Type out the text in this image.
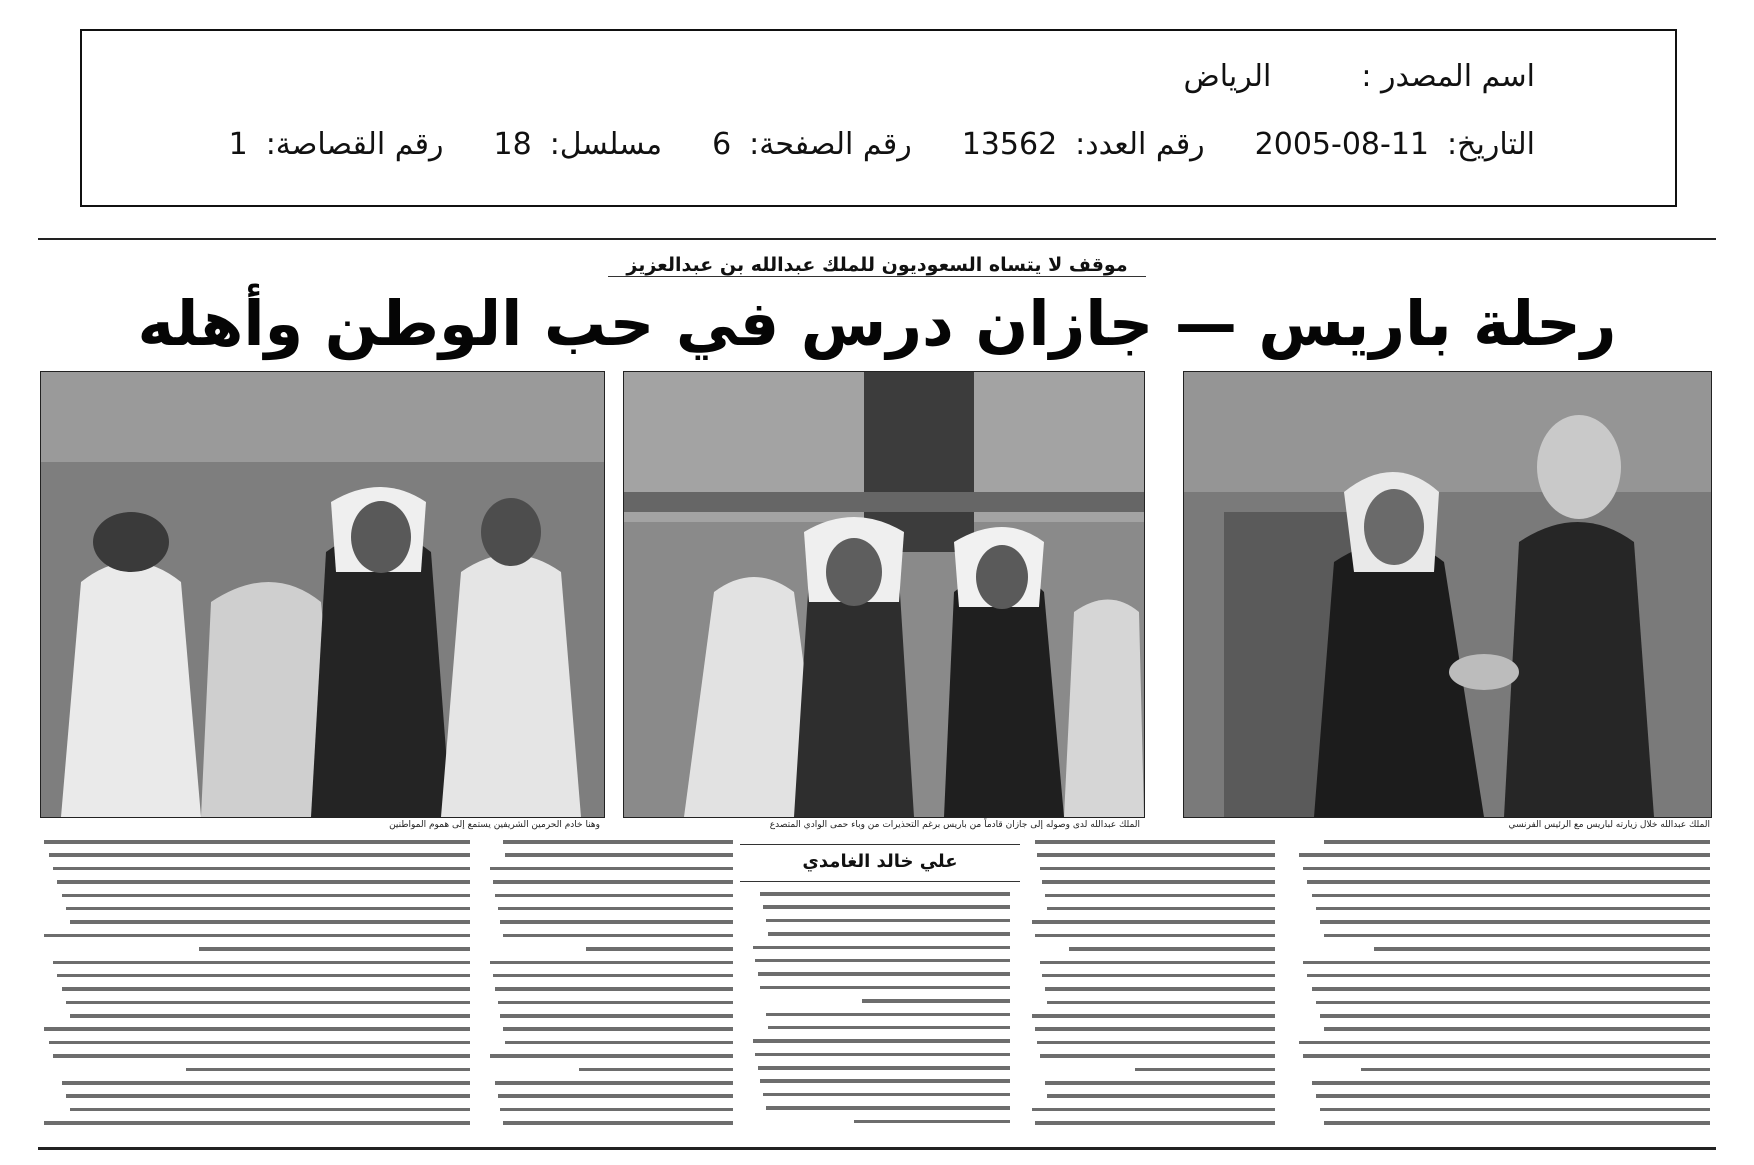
اسم المصدر :الرياض
التاريخ:2005-08-11رقم العدد:13562رقم الصفحة:6مسلسل:18رقم القصاصة:1
موقف لا يتساه السعوديون للملك عبدالله بن عبدالعزيز
رحلة باريس — جازان درس في حب الوطن وأهله
الملك عبدالله خلال زيارته لباريس مع الرئيس الفرنسي
الملك عبدالله لدى وصوله إلى جازان قادماً من باريس برغم التحذيرات من وباء حمى الوادي المتصدع
وهنا خادم الحرمين الشريفين يستمع إلى هموم المواطنين
علي خالد الغامدي
